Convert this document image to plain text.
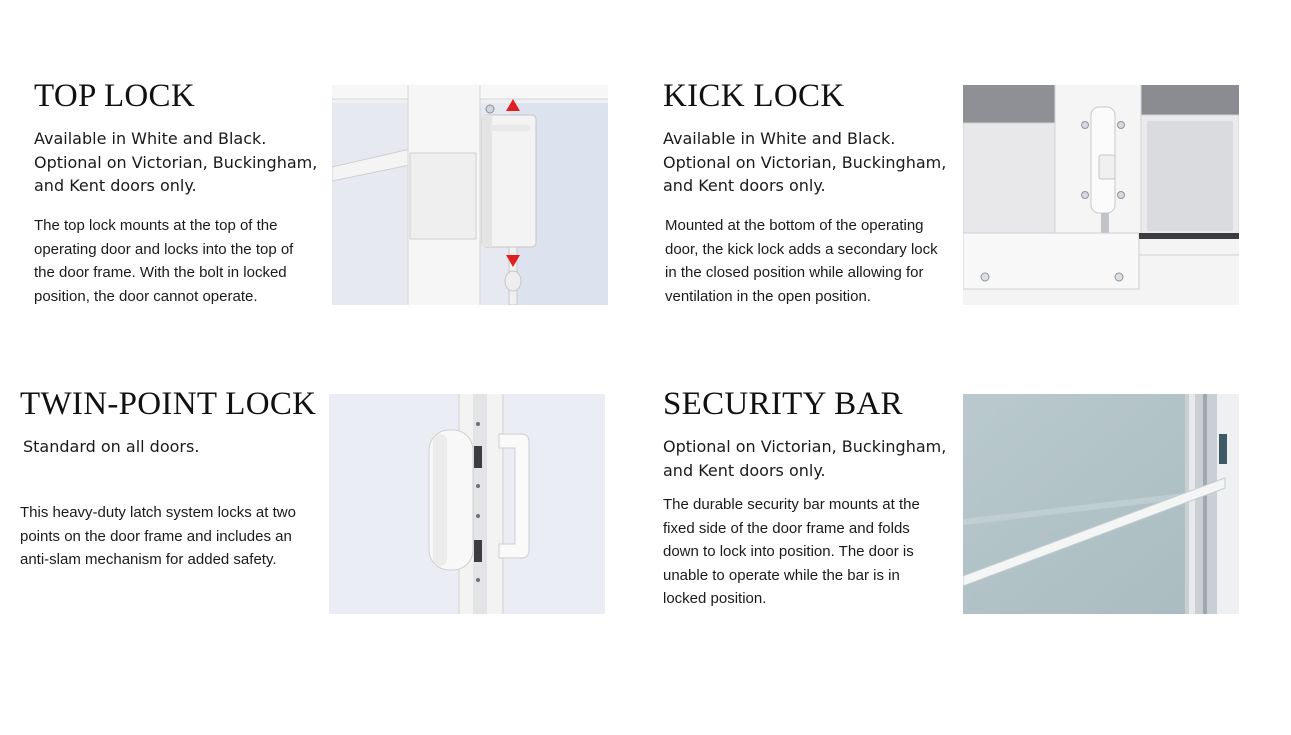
TOP LOCK

Available in White and Black.
Optional on Victorian, Buckingham,
and Kent doors only.

The top lock mounts at the top of the
operating door and locks into the top of
the door frame. With the bolt in locked
position, the door cannot operate.

KICK LOCK

Available in White and Black.
Optional on Victorian, Buckingham,
and Kent doors only.

Mounted at the bottom of the operating
door, the kick lock adds a secondary lock
in the closed position while allowing for
ventilation in the open position.

TWIN-POINT LOCK

Standard on all doors.

This heavy-duty latch system locks at two
points on the door frame and includes an
anti-slam mechanism for added safety.

SECURITY BAR

Optional on Victorian, Buckingham,
and Kent doors only.

The durable security bar mounts at the
fixed side of the door frame and folds
down to lock into position. The door is
unable to operate while the bar is in
locked position.
